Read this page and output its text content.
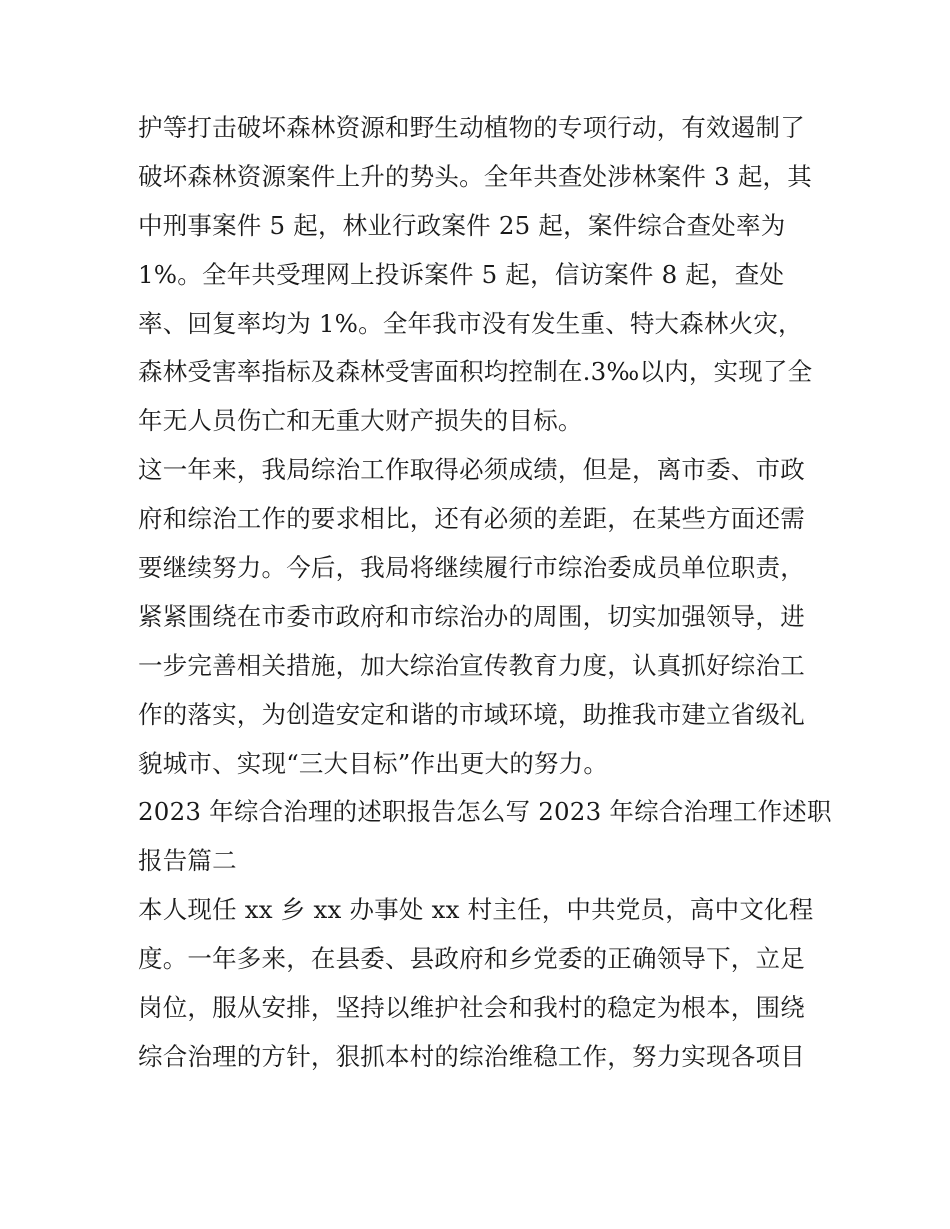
护等打击破坏森林资源和野生动植物的专项行动，有效遏制了
破坏森林资源案件上升的势头。全年共查处涉林案件 3 起，其
中刑事案件 5 起，林业行政案件 25 起，案件综合查处率为
1%。全年共受理网上投诉案件 5 起，信访案件 8 起，查处
率、回复率均为 1%。全年我市没有发生重、特大森林火灾，
森林受害率指标及森林受害面积均控制在.3‰以内，实现了全
年无人员伤亡和无重大财产损失的目标。
这一年来，我局综治工作取得必须成绩，但是，离市委、市政
府和综治工作的要求相比，还有必须的差距，在某些方面还需
要继续努力。今后，我局将继续履行市综治委成员单位职责，
紧紧围绕在市委市政府和市综治办的周围，切实加强领导，进
一步完善相关措施，加大综治宣传教育力度，认真抓好综治工
作的落实，为创造安定和谐的市域环境，助推我市建立省级礼
貌城市、实现“三大目标”作出更大的努力。
2023 年综合治理的述职报告怎么写 2023 年综合治理工作述职
报告篇二
本人现任 xx 乡 xx 办事处 xx 村主任，中共党员，高中文化程
度。一年多来，在县委、县政府和乡党委的正确领导下，立足
岗位，服从安排，坚持以维护社会和我村的稳定为根本，围绕
综合治理的方针，狠抓本村的综治维稳工作，努力实现各项目
